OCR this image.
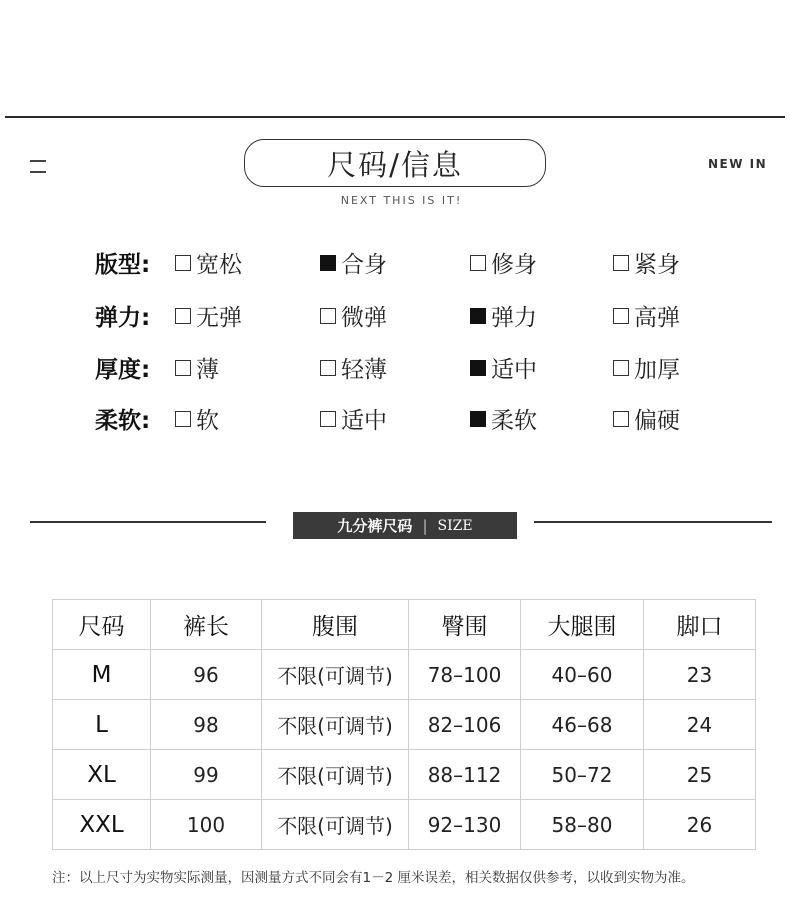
尺码/信息
NEXT THIS IS IT!
NEW IN
版型: 宽松	合身	修身	紧身
弹力: 无弹	微弹	弹力	高弹
厚度: 薄	轻薄	适中	加厚
柔软: 软	适中	柔软	偏硬
九分裤尺码 | SIZE
尺码	裤长	腹围	臀围	大腿围	脚口
M	96	不限(可调节)	78–100	40–60	23
L	98	不限(可调节)	82–106	46–68	24
XL	99	不限(可调节)	88–112	50–72	25
XXL	100	不限(可调节)	92–130	58–80	26
注：以上尺寸为实物实际测量，因测量方式不同会有1－2 厘米误差，相关数据仅供参考，以收到实物为准。
